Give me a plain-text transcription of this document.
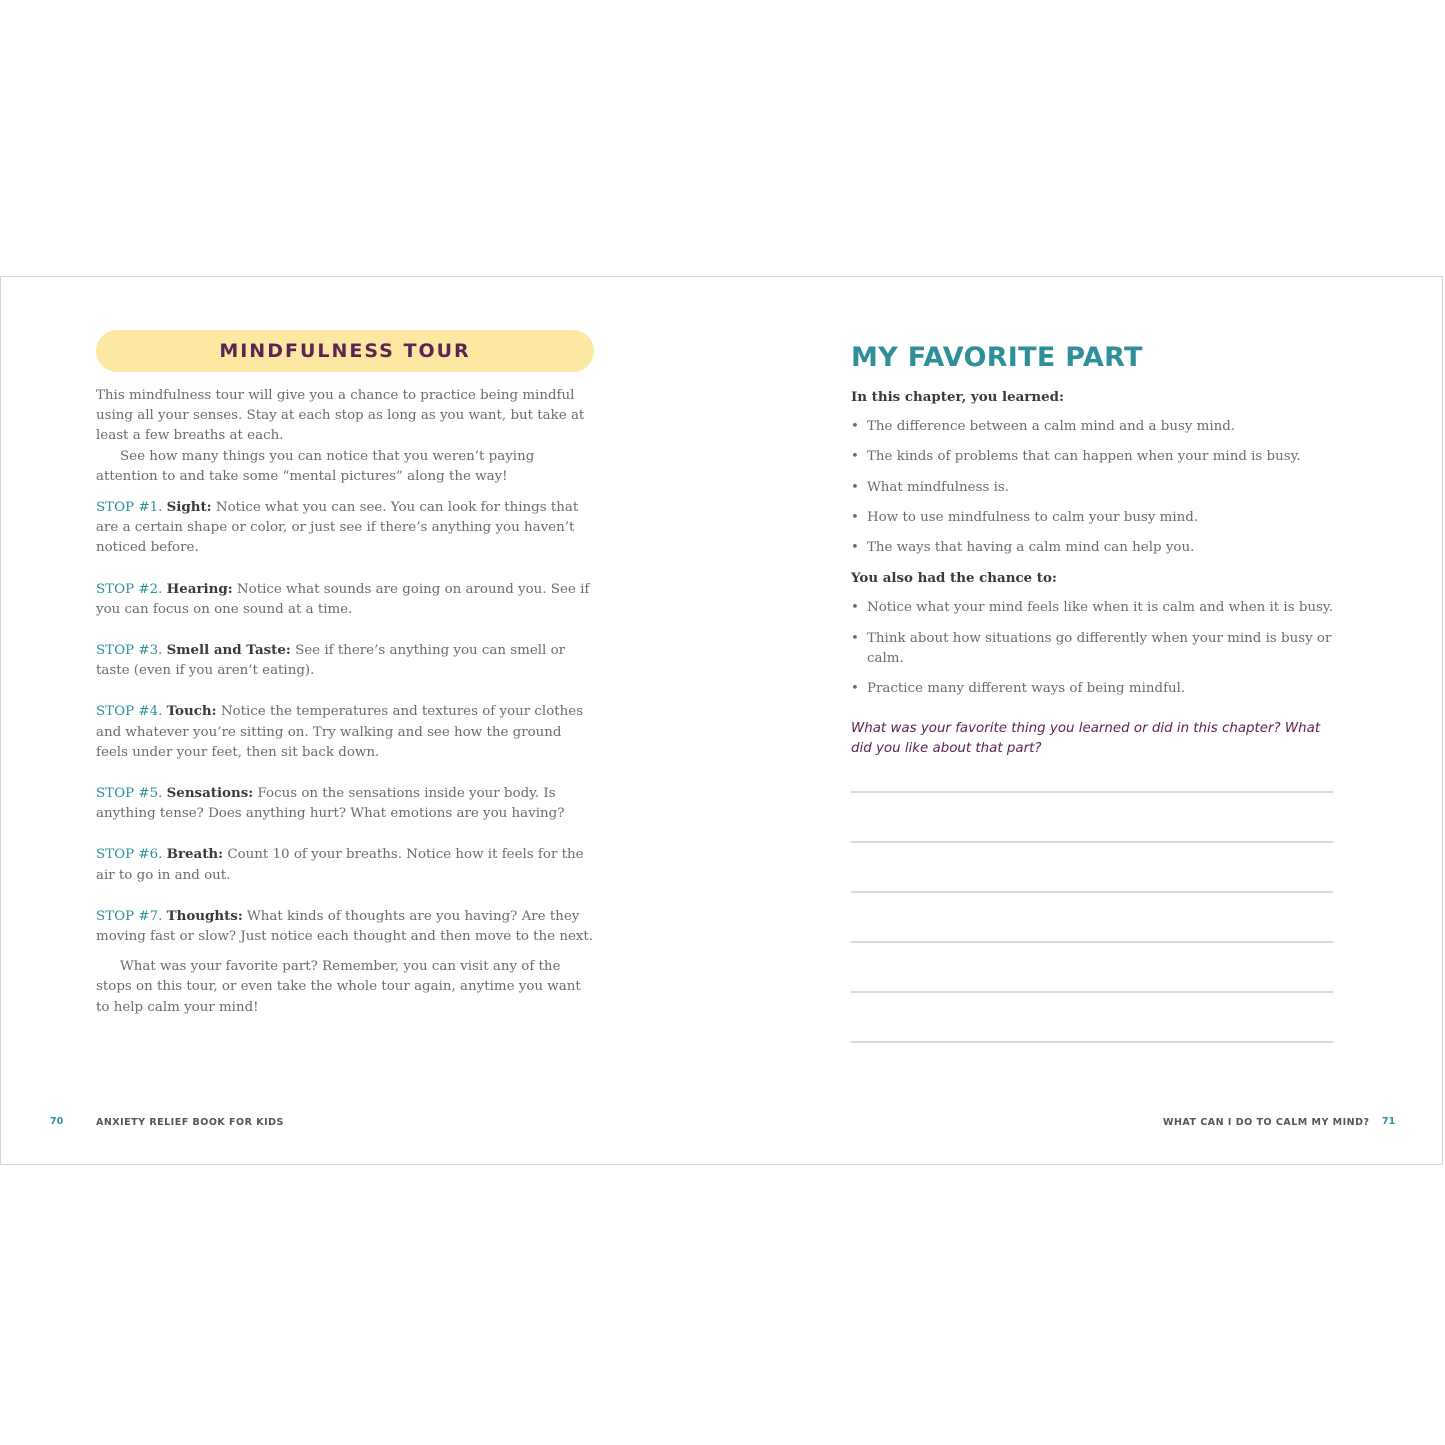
MINDFULNESS TOUR

This mindfulness tour will give you a chance to practice being mindful using all your senses. Stay at each stop as long as you want, but take at least a few breaths at each.

See how many things you can notice that you weren’t paying attention to and take some “mental pictures” along the way!

STOP #1. Sight: Notice what you can see. You can look for things that are a certain shape or color, or just see if there’s anything you haven’t noticed before.

STOP #2. Hearing: Notice what sounds are going on around you. See if you can focus on one sound at a time.

STOP #3. Smell and Taste: See if there’s anything you can smell or taste (even if you aren’t eating).

STOP #4. Touch: Notice the temperatures and textures of your clothes and whatever you’re sitting on. Try walking and see how the ground feels under your feet, then sit back down.

STOP #5. Sensations: Focus on the sensations inside your body. Is anything tense? Does anything hurt? What emotions are you having?

STOP #6. Breath: Count 10 of your breaths. Notice how it feels for the air to go in and out.

STOP #7. Thoughts: What kinds of thoughts are you having? Are they moving fast or slow? Just notice each thought and then move to the next.

What was your favorite part? Remember, you can visit any of the stops on this tour, or even take the whole tour again, anytime you want to help calm your mind!

70	ANXIETY RELIEF BOOK FOR KIDS
MY FAVORITE PART

In this chapter, you learned:

• The difference between a calm mind and a busy mind.
• The kinds of problems that can happen when your mind is busy.
• What mindfulness is.
• How to use mindfulness to calm your busy mind.
• The ways that having a calm mind can help you.

You also had the chance to:

• Notice what your mind feels like when it is calm and when it is busy.
• Think about how situations go differently when your mind is busy or calm.
• Practice many different ways of being mindful.

What was your favorite thing you learned or did in this chapter? What did you like about that part?

WHAT CAN I DO TO CALM MY MIND? 71
